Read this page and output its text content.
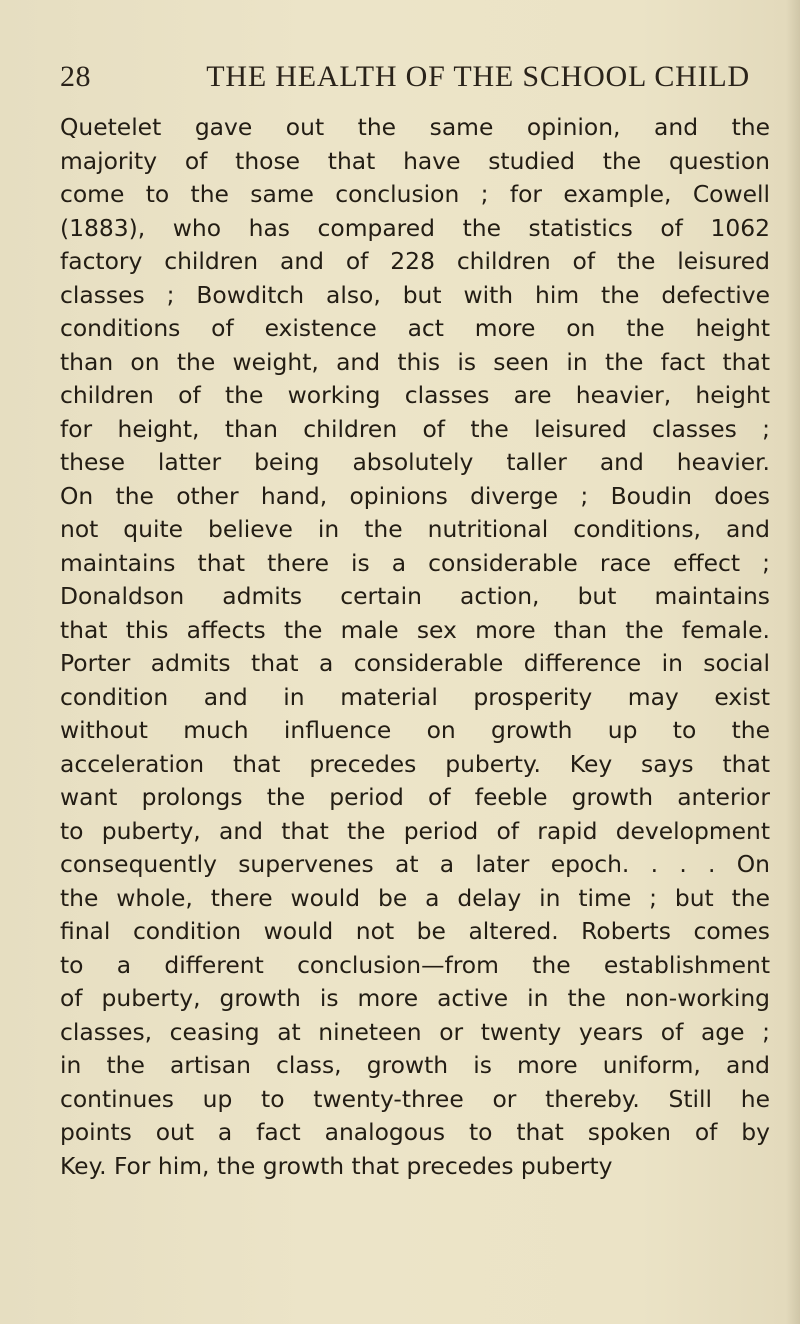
28	THE HEALTH OF THE SCHOOL CHILD
Quetelet gave out the same opinion, and the
majority of those that have studied the question
come to the same conclusion ; for example, Cowell
(1883), who has compared the statistics of 1062
factory children and of 228 children of the leisured
classes ; Bowditch also, but with him the defective
conditions of existence act more on the height
than on the weight, and this is seen in the fact that
children of the working classes are heavier, height
for height, than children of the leisured classes ;
these latter being absolutely taller and heavier.
On the other hand, opinions diverge ; Boudin does
not quite believe in the nutritional conditions, and
maintains that there is a considerable race effect ;
Donaldson admits certain action, but maintains
that this affects the male sex more than the female.
Porter admits that a considerable difference in social
condition and in material prosperity may exist
without much influence on growth up to the
acceleration that precedes puberty. Key says that
want prolongs the period of feeble growth anterior
to puberty, and that the period of rapid development
consequently supervenes at a later epoch. . . . On
the whole, there would be a delay in time ; but the
final condition would not be altered. Roberts comes
to a different conclusion—from the establishment
of puberty, growth is more active in the non-working
classes, ceasing at nineteen or twenty years of age ;
in the artisan class, growth is more uniform, and
continues up to twenty-three or thereby. Still he
points out a fact analogous to that spoken of by
Key. For him, the growth that precedes puberty
